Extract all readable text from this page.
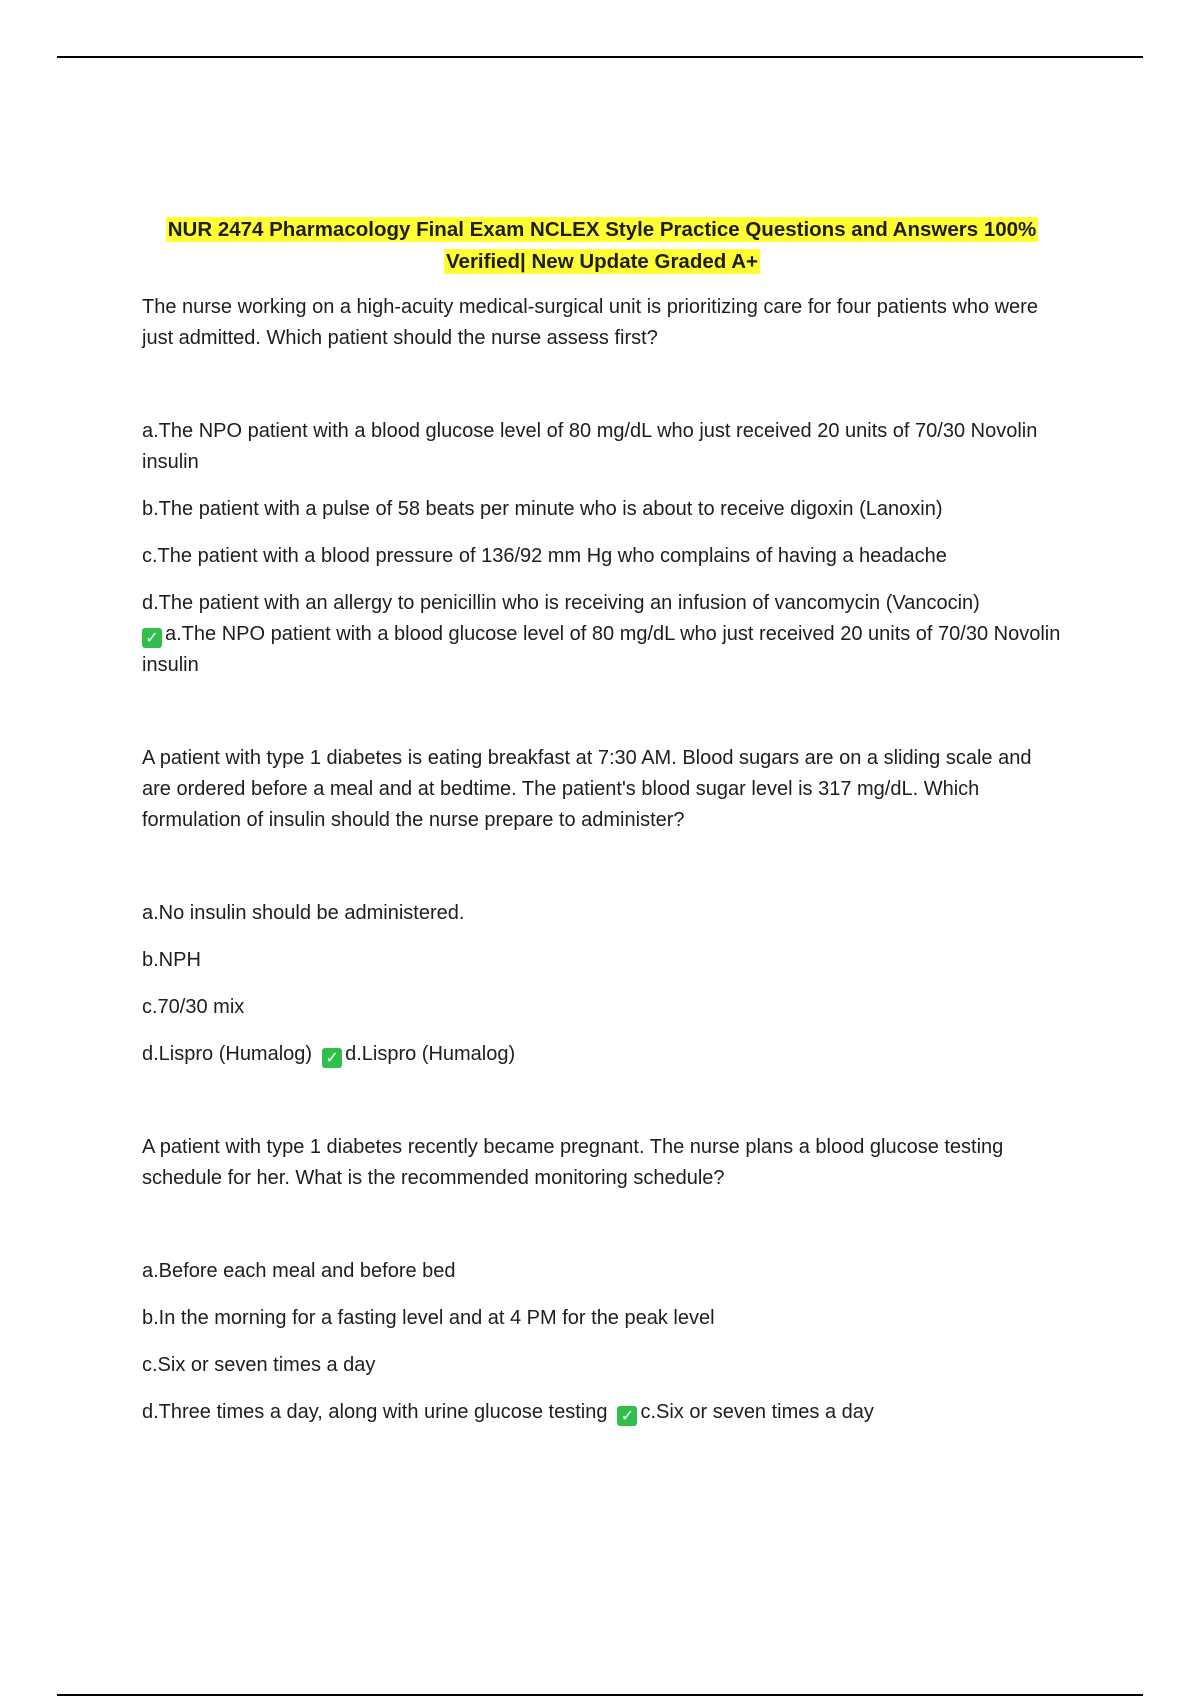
NUR 2474 Pharmacology Final Exam NCLEX Style Practice Questions and Answers 100%
Verified| New Update Graded A+

The nurse working on a high-acuity medical-surgical unit is prioritizing care for four patients who were just admitted. Which patient should the nurse assess first?

a.The NPO patient with a blood glucose level of 80 mg/dL who just received 20 units of 70/30 Novolin insulin

b.The patient with a pulse of 58 beats per minute who is about to receive digoxin (Lanoxin)

c.The patient with a blood pressure of 136/92 mm Hg who complains of having a headache

d.The patient with an allergy to penicillin who is receiving an infusion of vancomycin (Vancocin)

✓ a.The NPO patient with a blood glucose level of 80 mg/dL who just received 20 units of 70/30 Novolin insulin

A patient with type 1 diabetes is eating breakfast at 7:30 AM. Blood sugars are on a sliding scale and are ordered before a meal and at bedtime. The patient's blood sugar level is 317 mg/dL. Which formulation of insulin should the nurse prepare to administer?

a.No insulin should be administered.

b.NPH

c.70/30 mix

d.Lispro (Humalog) ✓ d.Lispro (Humalog)

A patient with type 1 diabetes recently became pregnant. The nurse plans a blood glucose testing schedule for her. What is the recommended monitoring schedule?

a.Before each meal and before bed

b.In the morning for a fasting level and at 4 PM for the peak level

c.Six or seven times a day

d.Three times a day, along with urine glucose testing ✓ c.Six or seven times a day
